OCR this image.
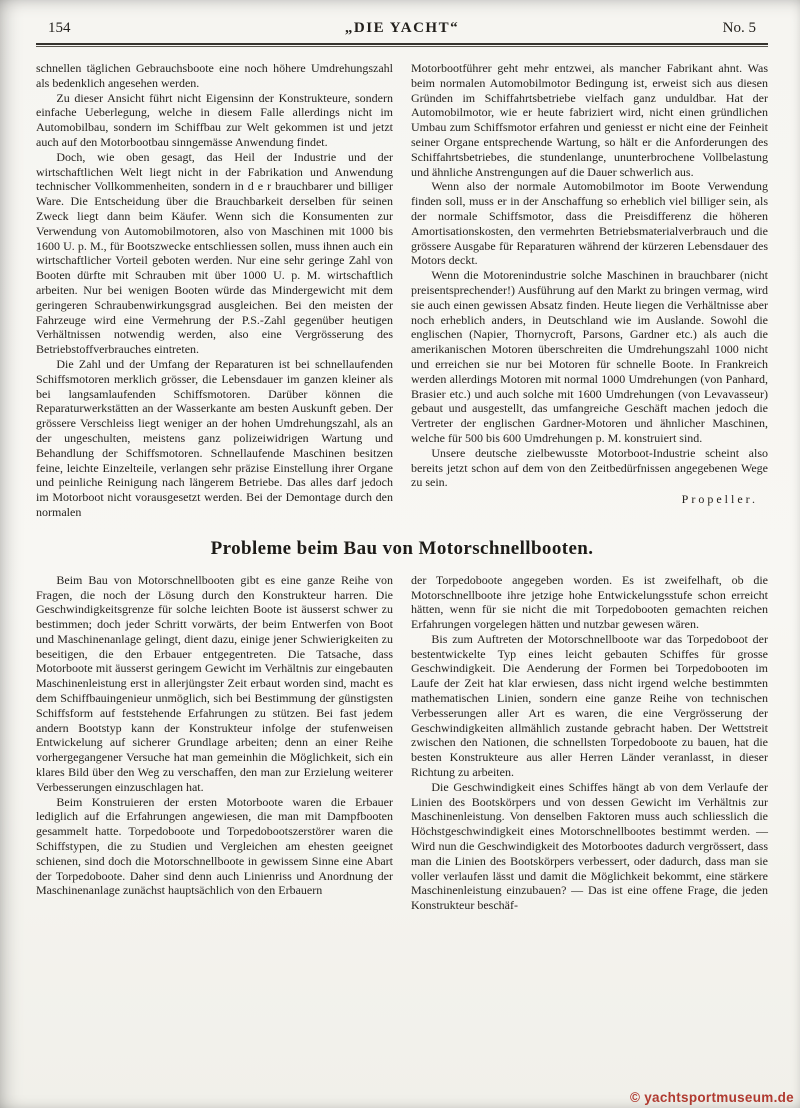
154	„DIE YACHT“	No. 5

schnellen täglichen Gebrauchsboote eine noch höhere Umdrehungszahl als bedenklich angesehen werden.

Zu dieser Ansicht führt nicht Eigensinn der Konstrukteure, sondern einfache Ueberlegung, welche in diesem Falle allerdings nicht im Automobilbau, sondern im Schiffbau zur Welt gekommen ist und jetzt auch auf den Motorbootbau sinngemässe Anwendung findet.

Doch, wie oben gesagt, das Heil der Industrie und der wirtschaftlichen Welt liegt nicht in der Fabrikation und Anwendung technischer Vollkommenheiten, sondern in d e r brauchbarer und billiger Ware. Die Entscheidung über die Brauchbarkeit derselben für seinen Zweck liegt dann beim Käufer. Wenn sich die Konsumenten zur Verwendung von Automobilmotoren, also von Maschinen mit 1000 bis 1600 U. p. M., für Bootszwecke entschliessen sollen, muss ihnen auch ein wirtschaftlicher Vorteil geboten werden. Nur eine sehr geringe Zahl von Booten dürfte mit Schrauben mit über 1000 U. p. M. wirtschaftlich arbeiten. Nur bei wenigen Booten würde das Mindergewicht mit dem geringeren Schraubenwirkungsgrad ausgleichen. Bei den meisten der Fahrzeuge wird eine Vermehrung der P.S.-Zahl gegenüber heutigen Verhältnissen notwendig werden, also eine Vergrösserung des Betriebstoffverbrauches eintreten.

Die Zahl und der Umfang der Reparaturen ist bei schnellaufenden Schiffsmotoren merklich grösser, die Lebensdauer im ganzen kleiner als bei langsamlaufenden Schiffsmotoren. Darüber können die Reparaturwerkstätten an der Wasserkante am besten Auskunft geben. Der grössere Verschleiss liegt weniger an der hohen Umdrehungszahl, als an der ungeschulten, meistens ganz polizeiwidrigen Wartung und Behandlung der Schiffsmotoren. Schnellaufende Maschinen besitzen feine, leichte Einzelteile, verlangen sehr präzise Einstellung ihrer Organe und peinliche Reinigung nach längerem Betriebe. Das alles darf jedoch im Motorboot nicht vorausgesetzt werden. Bei der Demontage durch den normalen

Motorbootführer geht mehr entzwei, als mancher Fabrikant ahnt. Was beim normalen Automobilmotor Bedingung ist, erweist sich aus diesen Gründen im Schiffahrtsbetriebe vielfach ganz unduldbar. Hat der Automobilmotor, wie er heute fabriziert wird, nicht einen gründlichen Umbau zum Schiffsmotor erfahren und geniesst er nicht eine der Feinheit seiner Organe entsprechende Wartung, so hält er die Anforderungen des Schiffahrtsbetriebes, die stundenlange, ununterbrochene Vollbelastung und ähnliche Anstrengungen auf die Dauer schwerlich aus.

Wenn also der normale Automobilmotor im Boote Verwendung finden soll, muss er in der Anschaffung so erheblich viel billiger sein, als der normale Schiffsmotor, dass die Preisdifferenz die höheren Amortisationskosten, den vermehrten Betriebsmaterialverbrauch und die grössere Ausgabe für Reparaturen während der kürzeren Lebensdauer des Motors deckt.

Wenn die Motorenindustrie solche Maschinen in brauchbarer (nicht preisentsprechender!) Ausführung auf den Markt zu bringen vermag, wird sie auch einen gewissen Absatz finden. Heute liegen die Verhältnisse aber noch erheblich anders, in Deutschland wie im Auslande. Sowohl die englischen (Napier, Thornycroft, Parsons, Gardner etc.) als auch die amerikanischen Motoren überschreiten die Umdrehungszahl 1000 nicht und erreichen sie nur bei Motoren für schnelle Boote. In Frankreich werden allerdings Motoren mit normal 1000 Umdrehungen (von Panhard, Brasier etc.) und auch solche mit 1600 Umdrehungen (von Levavasseur) gebaut und ausgestellt, das umfangreiche Geschäft machen jedoch die Vertreter der englischen Gardner-Motoren und ähnlicher Maschinen, welche für 500 bis 600 Umdrehungen p. M. konstruiert sind.

Unsere deutsche zielbewusste Motorboot-Industrie scheint also bereits jetzt schon auf dem von den Zeitbedürfnissen angegebenen Wege zu sein.

Propeller.

Probleme beim Bau von Motorschnellbooten.

Beim Bau von Motorschnellbooten gibt es eine ganze Reihe von Fragen, die noch der Lösung durch den Konstrukteur harren. Die Geschwindigkeitsgrenze für solche leichten Boote ist äusserst schwer zu bestimmen; doch jeder Schritt vorwärts, der beim Entwerfen von Boot und Maschinenanlage gelingt, dient dazu, einige jener Schwierigkeiten zu beseitigen, die den Erbauer entgegentreten. Die Tatsache, dass Motorboote mit äusserst geringem Gewicht im Verhältnis zur eingebauten Maschinenleistung erst in allerjüngster Zeit erbaut worden sind, macht es dem Schiffbauingenieur unmöglich, sich bei Bestimmung der günstigsten Schiffsform auf feststehende Erfahrungen zu stützen. Bei fast jedem andern Bootstyp kann der Konstrukteur infolge der stufenweisen Entwickelung auf sicherer Grundlage arbeiten; denn an einer Reihe vorhergegangener Versuche hat man gemeinhin die Möglichkeit, sich ein klares Bild über den Weg zu verschaffen, den man zur Erzielung weiterer Verbesserungen einzuschlagen hat.

Beim Konstruieren der ersten Motorboote waren die Erbauer lediglich auf die Erfahrungen angewiesen, die man mit Dampfbooten gesammelt hatte. Torpedoboote und Torpedobootszerstörer waren die Schiffstypen, die zu Studien und Vergleichen am ehesten geeignet schienen, sind doch die Motorschnellboote in gewissem Sinne eine Abart der Torpedoboote. Daher sind denn auch Linienriss und Anordnung der Maschinenanlage zunächst hauptsächlich von den Erbauern

der Torpedoboote angegeben worden. Es ist zweifelhaft, ob die Motorschnellboote ihre jetzige hohe Entwickelungsstufe schon erreicht hätten, wenn für sie nicht die mit Torpedobooten gemachten reichen Erfahrungen vorgelegen hätten und nutzbar gewesen wären.

Bis zum Auftreten der Motorschnellboote war das Torpedoboot der bestentwickelte Typ eines leicht gebauten Schiffes für grosse Geschwindigkeit. Die Aenderung der Formen bei Torpedobooten im Laufe der Zeit hat klar erwiesen, dass nicht irgend welche bestimmten mathematischen Linien, sondern eine ganze Reihe von technischen Verbesserungen aller Art es waren, die eine Vergrösserung der Geschwindigkeiten allmählich zustande gebracht haben. Der Wettstreit zwischen den Nationen, die schnellsten Torpedoboote zu bauen, hat die besten Konstrukteure aus aller Herren Länder veranlasst, in dieser Richtung zu arbeiten.

Die Geschwindigkeit eines Schiffes hängt ab von dem Verlaufe der Linien des Bootskörpers und von dessen Gewicht im Verhältnis zur Maschinenleistung. Von denselben Faktoren muss auch schliesslich die Höchstgeschwindigkeit eines Motorschnellbootes bestimmt werden. — Wird nun die Geschwindigkeit des Motorbootes dadurch vergrössert, dass man die Linien des Bootskörpers verbessert, oder dadurch, dass man sie voller verlaufen lässt und damit die Möglichkeit bekommt, eine stärkere Maschinenleistung einzubauen? — Das ist eine offene Frage, die jeden Konstrukteur beschäf-

© yachtsportmuseum.de
